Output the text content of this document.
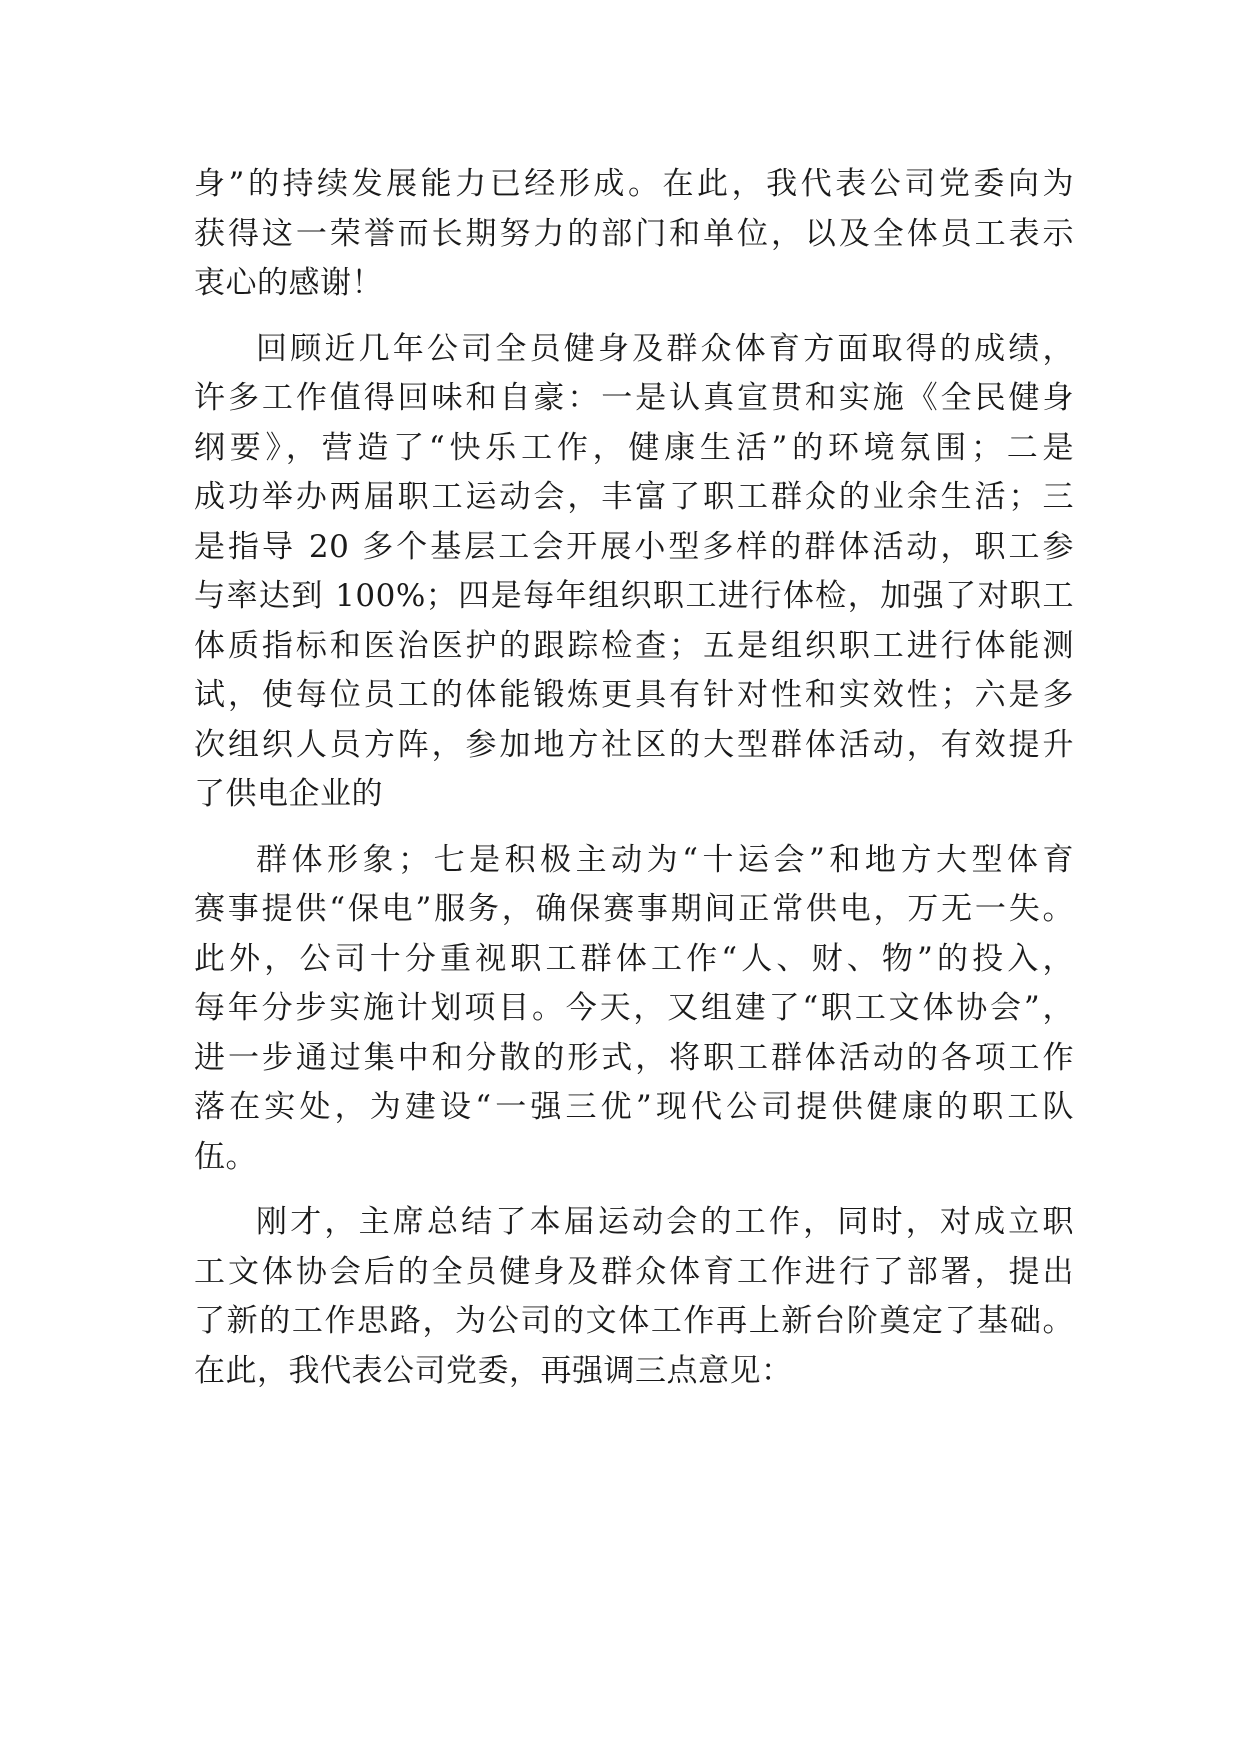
身”的持续发展能力已经形成。在此，我代表公司党委向为
获得这一荣誉而长期努力的部门和单位，以及全体员工表示
衷心的感谢！
回顾近几年公司全员健身及群众体育方面取得的成绩，
许多工作值得回味和自豪：一是认真宣贯和实施《全民健身
纲要》，营造了“快乐工作，健康生活”的环境氛围；二是
成功举办两届职工运动会，丰富了职工群众的业余生活；三
是指导 20 多个基层工会开展小型多样的群体活动，职工参
与率达到 100%；四是每年组织职工进行体检，加强了对职工
体质指标和医治医护的跟踪检查；五是组织职工进行体能测
试，使每位员工的体能锻炼更具有针对性和实效性；六是多
次组织人员方阵，参加地方社区的大型群体活动，有效提升
了供电企业的
群体形象；七是积极主动为“十运会”和地方大型体育
赛事提供“保电”服务，确保赛事期间正常供电，万无一失。
此外，公司十分重视职工群体工作“人、财、物”的投入，
每年分步实施计划项目。今天，又组建了“职工文体协会”，
进一步通过集中和分散的形式，将职工群体活动的各项工作
落在实处，为建设“一强三优”现代公司提供健康的职工队
伍。
刚才，主席总结了本届运动会的工作，同时，对成立职
工文体协会后的全员健身及群众体育工作进行了部署，提出
了新的工作思路，为公司的文体工作再上新台阶奠定了基础。
在此，我代表公司党委，再强调三点意见：
